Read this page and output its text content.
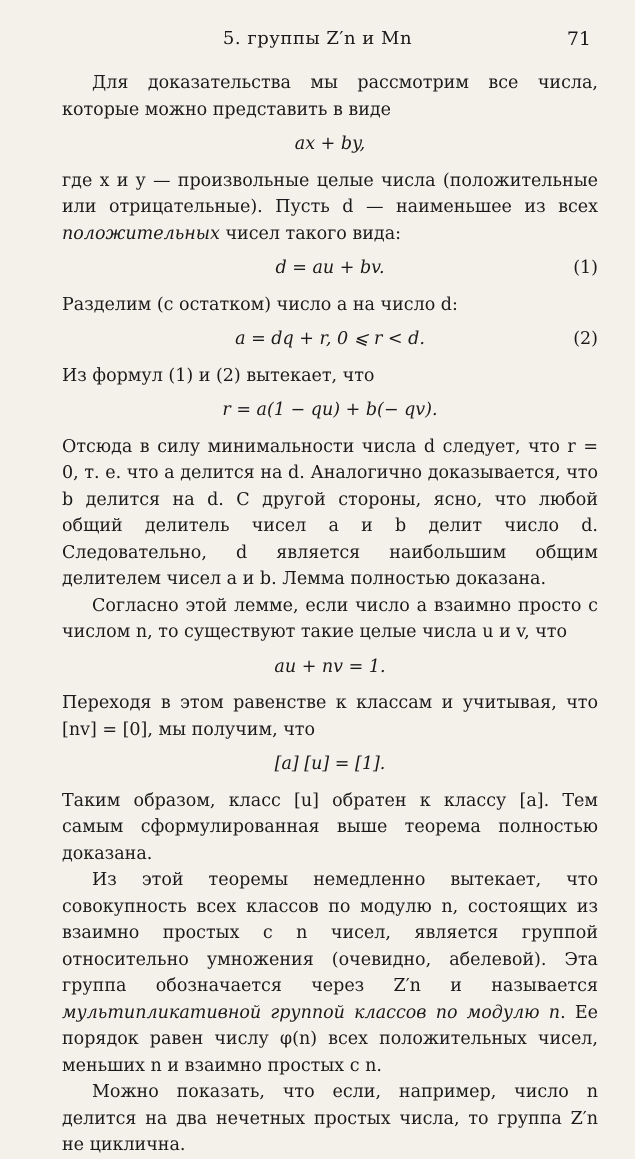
5. группы Z′n и Mn	71

Для доказательства мы рассмотрим все числа, которые можно представить в виде

ax + by,

где x и y — произвольные целые числа (положительные или отрицательные). Пусть d — наименьшее из всех положительных чисел такого вида:

d = au + bv.	(1)

Разделим (с остатком) число a на число d:

a = dq + r, 0 ⩽ r < d.	(2)

Из формул (1) и (2) вытекает, что

r = a(1 − qu) + b(− qv).

Отсюда в силу минимальности числа d следует, что r = 0, т. е. что a делится на d. Аналогично доказывается, что b делится на d. С другой стороны, ясно, что любой общий делитель чисел a и b делит число d. Следовательно, d является наибольшим общим делителем чисел a и b. Лемма полностью доказана.

Согласно этой лемме, если число a взаимно просто с числом n, то существуют такие целые числа u и v, что

au + nv = 1.

Переходя в этом равенстве к классам и учитывая, что [nv] = [0], мы получим, что

[a] [u] = [1].

Таким образом, класс [u] обратен к классу [a]. Тем самым сформулированная выше теорема полностью доказана.

Из этой теоремы немедленно вытекает, что совокупность всех классов по модулю n, состоящих из взаимно простых с n чисел, является группой относительно умножения (очевидно, абелевой). Эта группа обозначается через Z′n и называется мультипликативной группой классов по модулю n. Ее порядок равен числу φ(n) всех положительных чисел, меньших n и взаимно простых с n.

Можно показать, что если, например, число n делится на два нечетных простых числа, то группа Z′n не циклична.
